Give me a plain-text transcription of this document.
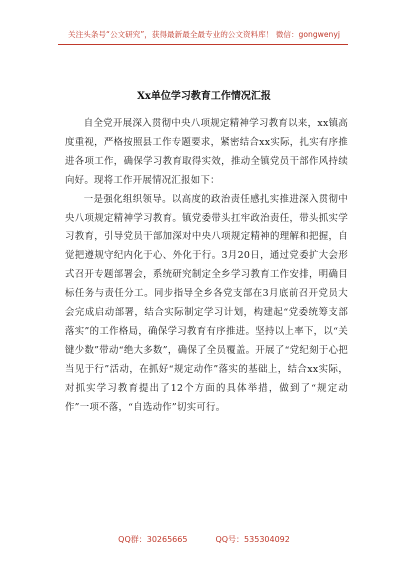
关注头条号“公文研究”，获得最新最全最专业的公文资料库！ 微信：gongwenyj
Xx单位学习教育工作情况汇报

自全党开展深入贯彻中央八项规定精神学习教育以来，xx镇高度重视，严格按照县工作专题要求，紧密结合xx实际，扎实有序推进各项工作，确保学习教育取得实效，推动全镇党员干部作风持续向好。现将工作开展情况汇报如下：

一是强化组织领导。以高度的政治责任感扎实推进深入贯彻中央八项规定精神学习教育。镇党委带头扛牢政治责任，带头抓实学习教育，引导党员干部加深对中央八项规定精神的理解和把握，自觉把遵规守纪内化于心、外化于行。3月20日，通过党委扩大会形式召开专题部署会，系统研究制定全乡学习教育工作安排，明确目标任务与责任分工。同步指导全乡各党支部在3月底前召开党员大会完成启动部署，结合实际制定学习计划，构建起“党委统筹支部落实”的工作格局，确保学习教育有序推进。坚持以上率下，以“关键少数”带动“绝大多数”，确保了全员覆盖。开展了“党纪刻于心把当见于行”活动，在抓好“规定动作”落实的基础上，结合xx实际，对抓实学习教育提出了12个方面的具体举措，做到了“规定动作”一项不落，“自选动作”切实可行。

QQ群：30265665	QQ号：535304092
